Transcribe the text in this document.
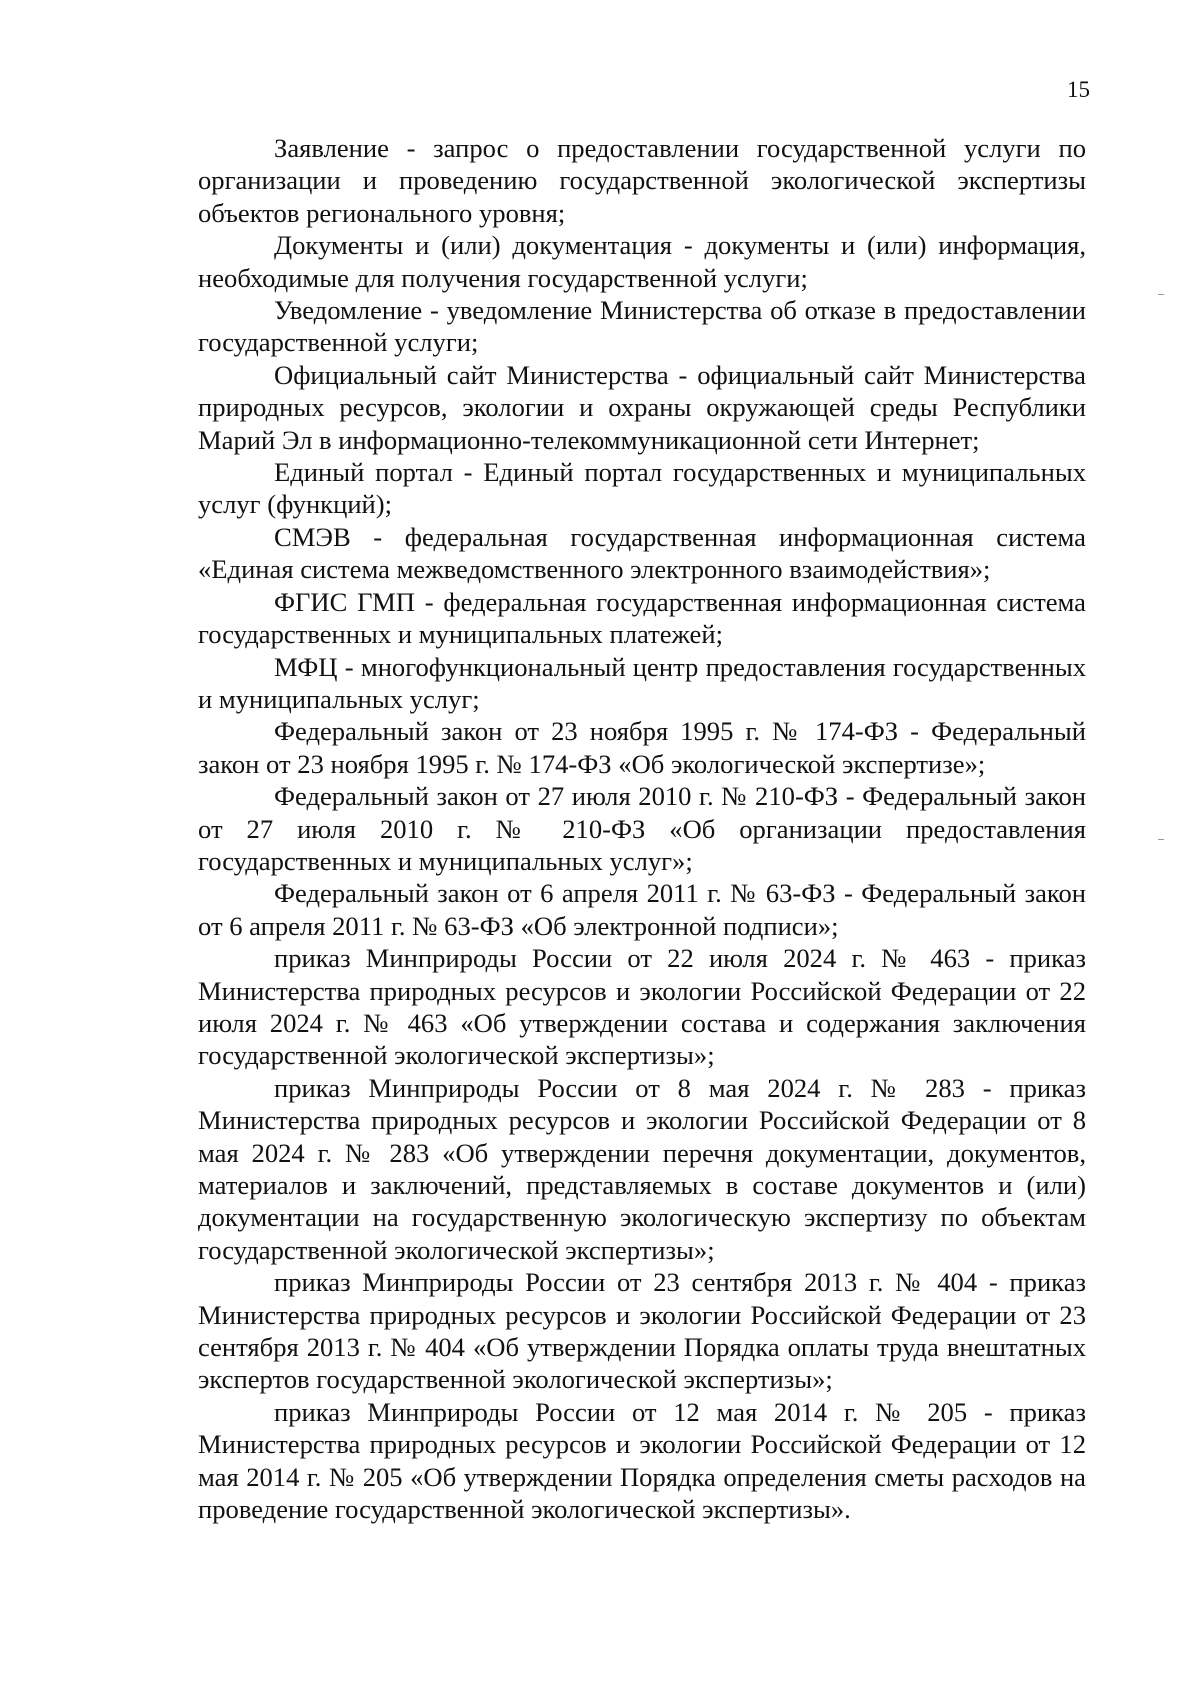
15

Заявление - запрос о предоставлении государственной услуги по организации и проведению государственной экологической экспертизы объектов регионального уровня;

Документы и (или) документация - документы и (или) информация, необходимые для получения государственной услуги;

Уведомление - уведомление Министерства об отказе в предоставлении государственной услуги;

Официальный сайт Министерства - официальный сайт Министерства природных ресурсов, экологии и охраны окружающей среды Республики Марий Эл в информационно-телекоммуникационной сети Интернет;

Единый портал - Единый портал государственных и муниципальных услуг (функций);

СМЭВ - федеральная государственная информационная система «Единая система межведомственного электронного взаимодействия»;

ФГИС ГМП - федеральная государственная информационная система государственных и муниципальных платежей;

МФЦ - многофункциональный центр предоставления государственных и муниципальных услуг;

Федеральный закон от 23 ноября 1995 г. № 174-ФЗ - Федеральный закон от 23 ноября 1995 г. № 174-ФЗ «Об экологической экспертизе»;

Федеральный закон от 27 июля 2010 г. № 210-ФЗ - Федеральный закон от 27 июля 2010 г. № 210-ФЗ «Об организации предоставления государственных и муниципальных услуг»;

Федеральный закон от 6 апреля 2011 г. № 63-ФЗ - Федеральный закон от 6 апреля 2011 г. № 63-ФЗ «Об электронной подписи»;

приказ Минприроды России от 22 июля 2024 г. № 463 - приказ Министерства природных ресурсов и экологии Российской Федерации от 22 июля 2024 г. № 463 «Об утверждении состава и содержания заключения государственной экологической экспертизы»;

приказ Минприроды России от 8 мая 2024 г. № 283 - приказ Министерства природных ресурсов и экологии Российской Федерации от 8 мая 2024 г. № 283 «Об утверждении перечня документации, документов, материалов и заключений, представляемых в составе документов и (или) документации на государственную экологическую экспертизу по объектам государственной экологической экспертизы»;

приказ Минприроды России от 23 сентября 2013 г. № 404 - приказ Министерства природных ресурсов и экологии Российской Федерации от 23 сентября 2013 г. № 404 «Об утверждении Порядка оплаты труда внештатных экспертов государственной экологической экспертизы»;

приказ Минприроды России от 12 мая 2014 г. № 205 - приказ Министерства природных ресурсов и экологии Российской Федерации от 12 мая 2014 г. № 205 «Об утверждении Порядка определения сметы расходов на проведение государственной экологической экспертизы».
